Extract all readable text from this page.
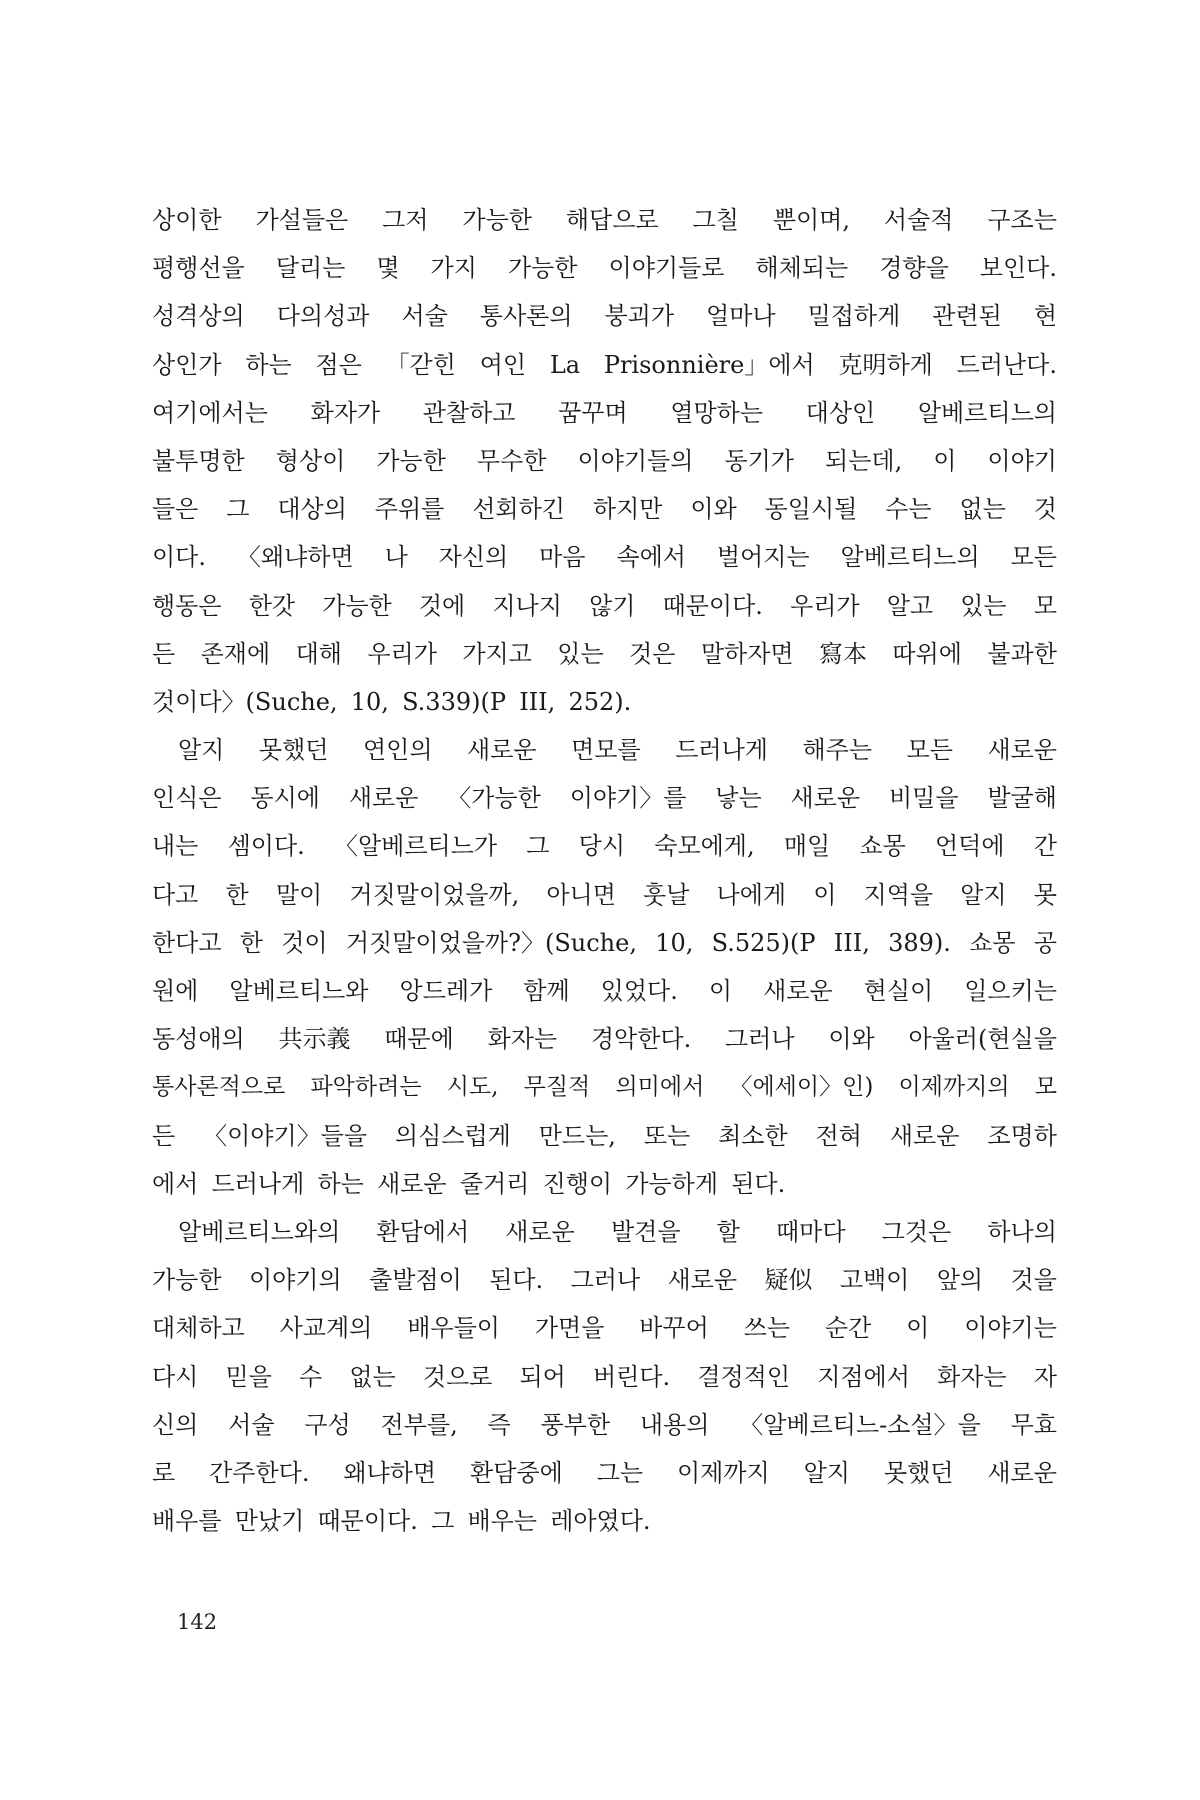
상이한 가설들은 그저 가능한 해답으로 그칠 뿐이며, 서술적 구조는
평행선을 달리는 몇 가지 가능한 이야기들로 해체되는 경향을 보인다.
성격상의 다의성과 서술 통사론의 붕괴가 얼마나 밀접하게 관련된 현
상인가 하는 점은 「갇힌 여인 La Prisonnière」에서 克明하게 드러난다.
여기에서는 화자가 관찰하고 꿈꾸며 열망하는 대상인 알베르티느의
불투명한 형상이 가능한 무수한 이야기들의 동기가 되는데, 이 이야기
들은 그 대상의 주위를 선회하긴 하지만 이와 동일시될 수는 없는 것
이다. 〈왜냐하면 나 자신의 마음 속에서 벌어지는 알베르티느의 모든
행동은 한갓 가능한 것에 지나지 않기 때문이다. 우리가 알고 있는 모
든 존재에 대해 우리가 가지고 있는 것은 말하자면 寫本 따위에 불과한
것이다〉(Suche, 10, S.339)(P III, 252).
알지 못했던 연인의 새로운 면모를 드러나게 해주는 모든 새로운
인식은 동시에 새로운 〈가능한 이야기〉를 낳는 새로운 비밀을 발굴해
내는 셈이다. 〈알베르티느가 그 당시 숙모에게, 매일 쇼몽 언덕에 간
다고 한 말이 거짓말이었을까, 아니면 훗날 나에게 이 지역을 알지 못
한다고 한 것이 거짓말이었을까?〉(Suche, 10, S.525)(P III, 389). 쇼몽 공
원에 알베르티느와 앙드레가 함께 있었다. 이 새로운 현실이 일으키는
동성애의 共示義 때문에 화자는 경악한다. 그러나 이와 아울러(현실을
통사론적으로 파악하려는 시도, 무질적 의미에서 〈에세이〉인) 이제까지의 모
든 〈이야기〉들을 의심스럽게 만드는, 또는 최소한 전혀 새로운 조명하
에서 드러나게 하는 새로운 줄거리 진행이 가능하게 된다.
알베르티느와의 환담에서 새로운 발견을 할 때마다 그것은 하나의
가능한 이야기의 출발점이 된다. 그러나 새로운 疑似 고백이 앞의 것을
대체하고 사교계의 배우들이 가면을 바꾸어 쓰는 순간 이 이야기는
다시 믿을 수 없는 것으로 되어 버린다. 결정적인 지점에서 화자는 자
신의 서술 구성 전부를, 즉 풍부한 내용의 〈알베르티느-소설〉을 무효
로 간주한다. 왜냐하면 환담중에 그는 이제까지 알지 못했던 새로운
배우를 만났기 때문이다. 그 배우는 레아였다.
142
